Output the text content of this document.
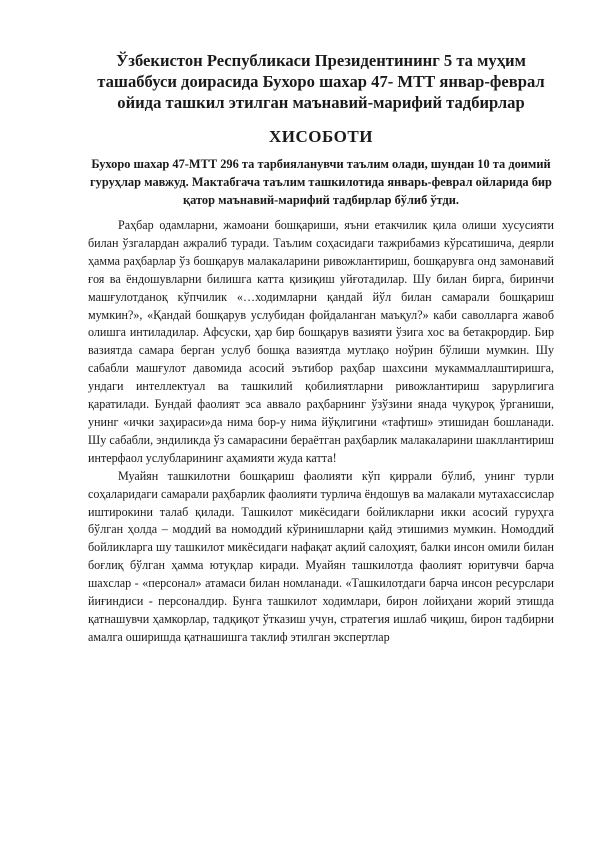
Ўзбекистон Республикаси Президентининг 5 та муҳим ташаббуси доирасида Бухоро шахар 47- МТТ январ-феврал ойида ташкил этилган маънавий-марифий тадбирлар
ХИСОБОТИ

Бухоро шахар 47-МТТ 296 та тарбияланувчи таълим олади, шундан 10 та доимий гуруҳлар мавжуд. Мактабгача таълим ташкилотида январь-феврал ойларида бир қатор маънавий-марифий тадбирлар бўлиб ўтди.

Раҳбар одамларни, жамоани бошқариши, яъни етакчилик қила олиши хусусияти билан ўзгалардан ажралиб туради. Таълим соҳасидаги тажрибамиз кўрсатишича, деярли ҳамма раҳбарлар ўз бошқарув малакаларини ривожлантириш, бошқарувга онд замонавий ғоя ва ёндошувларни билишга катта қизиқиш уйғотадилар. Шу билан бирга, биринчи машғулотданоқ кўпчилик «…ходимларни қандай йўл билан самарали бошқариш мумкин?», «Қандай бошқарув услубидан фойдаланган маъқул?» каби саволларга жавоб олишга интиладилар. Афсуски, ҳар бир бошқарув вазияти ўзига хос ва бетакрордир. Бир вазиятда самара берган услуб бошқа вазиятда мутлақо ноўрин бўлиши мумкин. Шу сабабли машғулот давомида асосий эътибор раҳбар шахсини мукаммаллаштиришга, ундаги интеллектуал ва ташкилий қобилиятларни ривожлантириш зарурлигига қаратилади. Бундай фаолият эса аввало раҳбарнинг ўзўзини янада чуқуроқ ўрганиши, унинг «ички заҳираси»да нима бор-у нима йўқлигини «тафтиш» этишидан бошланади. Шу сабабли, эндиликда ўз самарасини бераётган раҳбарлик малакаларини шакллантириш интерфаол услубларининг аҳамияти жуда катта!

Муайян ташкилотни бошқариш фаолияти кўп қиррали бўлиб, унинг турли соҳаларидаги самарали раҳбарлик фаолияти турлича ёндошув ва малакали мутахассислар иштирокини талаб қилади. Ташкилот микёсидаги бойликларни икки асосий гуруҳга бўлган ҳолда – моддий ва номоддий кўринишларни қайд этишимиз мумкин. Номоддий бойликларга шу ташкилот микёсидаги нафақат ақлий салоҳият, балки инсон омили билан боғлиқ бўлган ҳамма ютуқлар киради. Муайян ташкилотда фаолият юритувчи барча шахслар - «персонал» атамаси билан номланади. «Ташкилотдаги барча инсон ресурслари йиғиндиси - персоналдир. Бунга ташкилот ходимлари, бирон лойиҳани жорий этишда қатнашувчи ҳамкорлар, тадқиқот ўтказиш учун, стратегия ишлаб чиқиш, бирон тадбирни амалга оширишда қатнашишга таклиф этилган экспертлар
